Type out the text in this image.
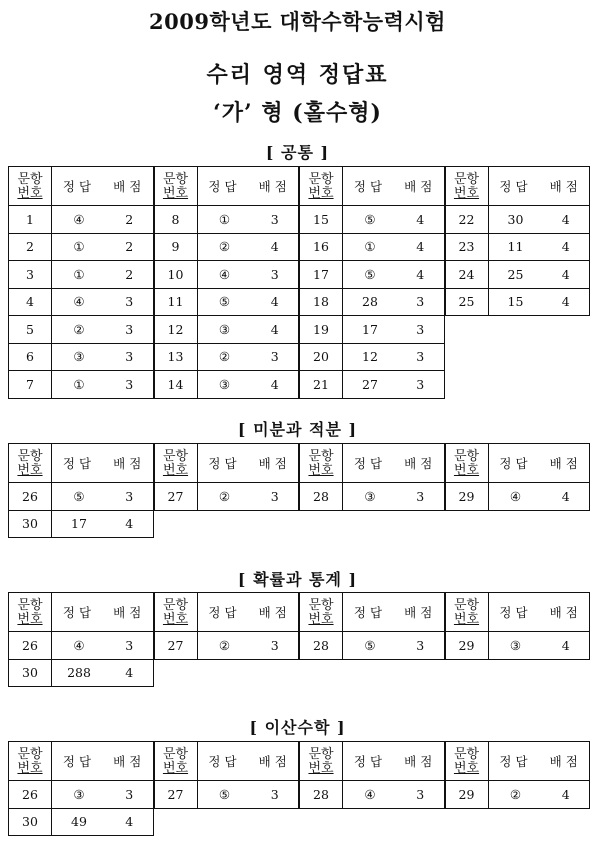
2009학년도 대학수학능력시험
수리 영역 정답표
‘가’ 형 (홀수형)
[ 공통 ]
문항
번호	정답	배점
1	④	2
2	①	2
3	①	2
4	④	3
5	②	3
6	③	3
7	①	3
문항
번호	정답	배점
8	①	3
9	②	4
10	④	3
11	⑤	4
12	③	4
13	②	3
14	③	4
문항
번호	정답	배점
15	⑤	4
16	①	4
17	⑤	4
18	28	3
19	17	3
20	12	3
21	27	3
문항
번호	정답	배점
22	30	4
23	11	4
24	25	4
25	15	4
[ 미분과 적분 ]
문항
번호	정답	배점
26	⑤	3
30	17	4
문항
번호	정답	배점
27	②	3
문항
번호	정답	배점
28	③	3
문항
번호	정답	배점
29	④	4
[ 확률과 통계 ]
문항
번호	정답	배점
26	④	3
30	288	4
문항
번호	정답	배점
27	②	3
문항
번호	정답	배점
28	⑤	3
문항
번호	정답	배점
29	③	4
[ 이산수학 ]
문항
번호	정답	배점
26	③	3
30	49	4
문항
번호	정답	배점
27	⑤	3
문항
번호	정답	배점
28	④	3
문항
번호	정답	배점
29	②	4
